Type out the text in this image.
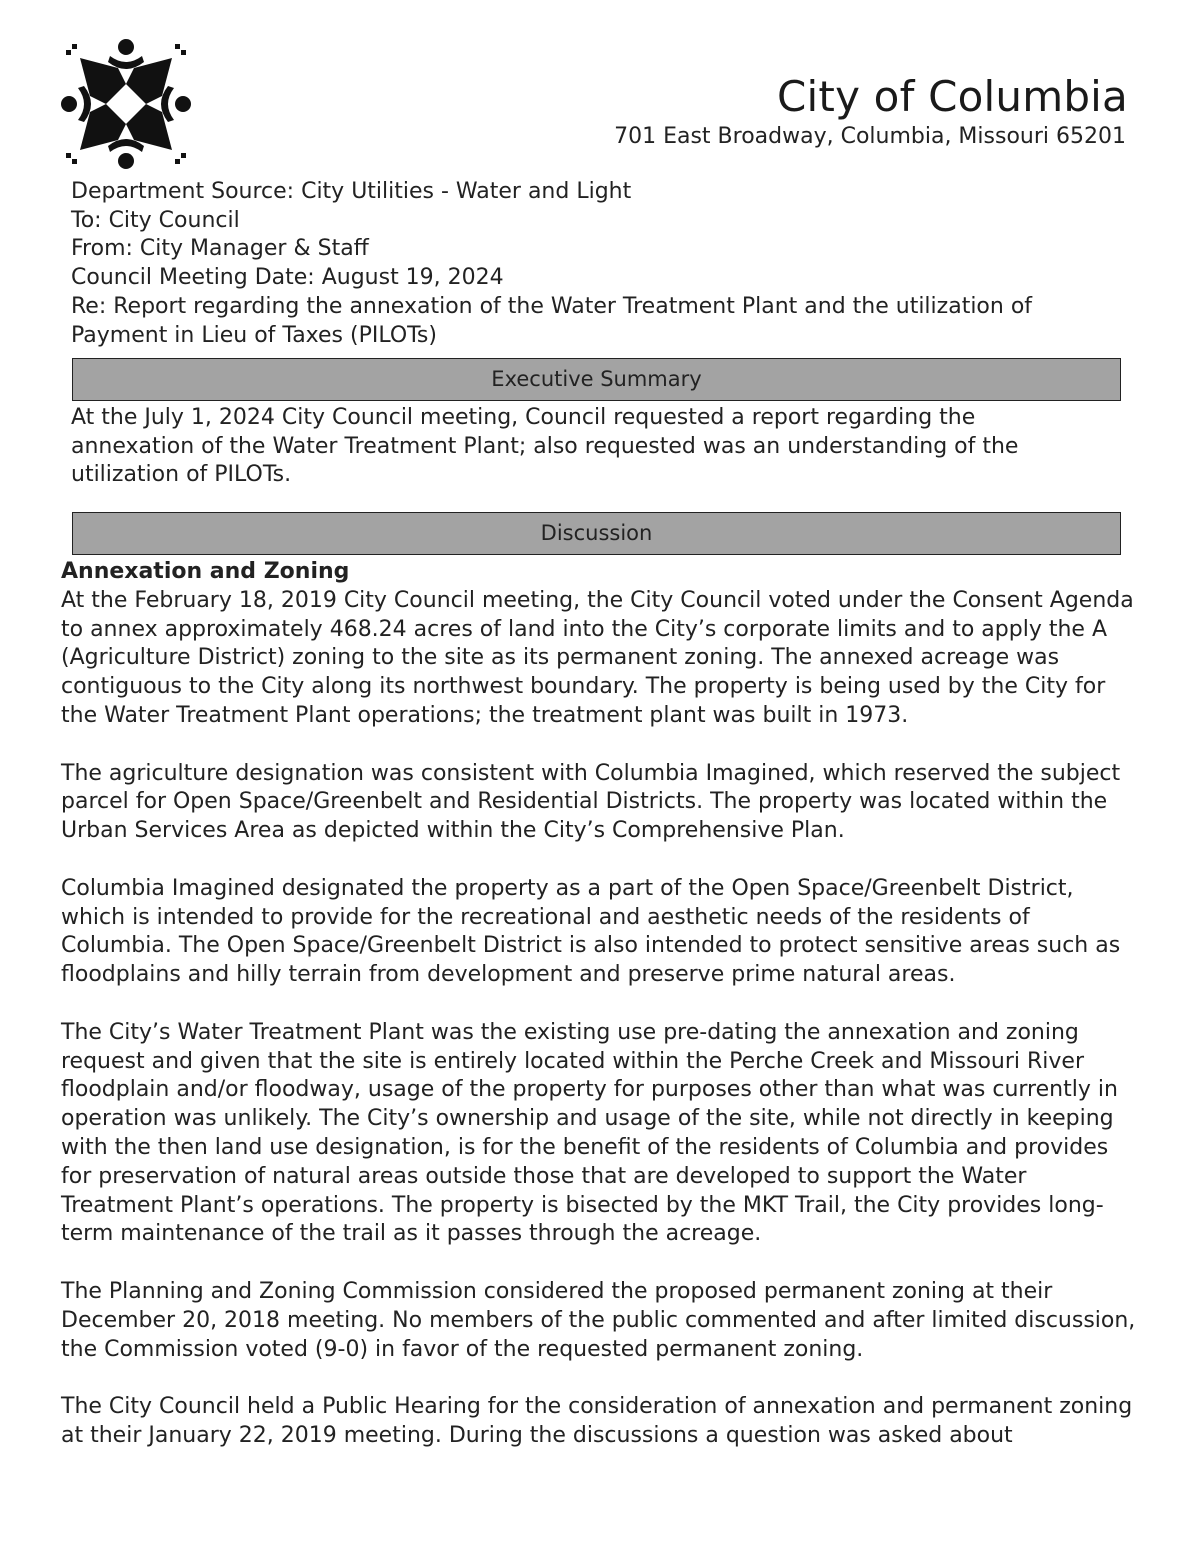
City of Columbia
701 East Broadway, Columbia, Missouri 65201
Department Source: City Utilities - Water and Light
To: City Council
From: City Manager & Staff
Council Meeting Date: August 19, 2024
Re: Report regarding the annexation of the Water Treatment Plant and the utilization of Payment in Lieu of Taxes (PILOTs)
Executive Summary

At the July 1, 2024 City Council meeting, Council requested a report regarding the annexation of the Water Treatment Plant; also requested was an understanding of the utilization of PILOTs.

Discussion
Annexation and Zoning

At the February 18, 2019 City Council meeting, the City Council voted under the Consent Agenda to annex approximately 468.24 acres of land into the City’s corporate limits and to apply the A (Agriculture District) zoning to the site as its permanent zoning. The annexed acreage was contiguous to the City along its northwest boundary. The property is being used by the City for the Water Treatment Plant operations; the treatment plant was built in 1973.

The agriculture designation was consistent with Columbia Imagined, which reserved the subject parcel for Open Space/Greenbelt and Residential Districts. The property was located within the Urban Services Area as depicted within the City’s Comprehensive Plan.

Columbia Imagined designated the property as a part of the Open Space/Greenbelt District, which is intended to provide for the recreational and aesthetic needs of the residents of Columbia. The Open Space/Greenbelt District is also intended to protect sensitive areas such as floodplains and hilly terrain from development and preserve prime natural areas.

The City’s Water Treatment Plant was the existing use pre-dating the annexation and zoning request and given that the site is entirely located within the Perche Creek and Missouri River floodplain and/or floodway, usage of the property for purposes other than what was currently in operation was unlikely. The City’s ownership and usage of the site, while not directly in keeping with the then land use designation, is for the benefit of the residents of Columbia and provides for preservation of natural areas outside those that are developed to support the Water Treatment Plant’s operations. The property is bisected by the MKT Trail, the City provides long-term maintenance of the trail as it passes through the acreage.

The Planning and Zoning Commission considered the proposed permanent zoning at their December 20, 2018 meeting. No members of the public commented and after limited discussion, the Commission voted (9-0) in favor of the requested permanent zoning.

The City Council held a Public Hearing for the consideration of annexation and permanent zoning at their January 22, 2019 meeting. During the discussions a question was asked about
